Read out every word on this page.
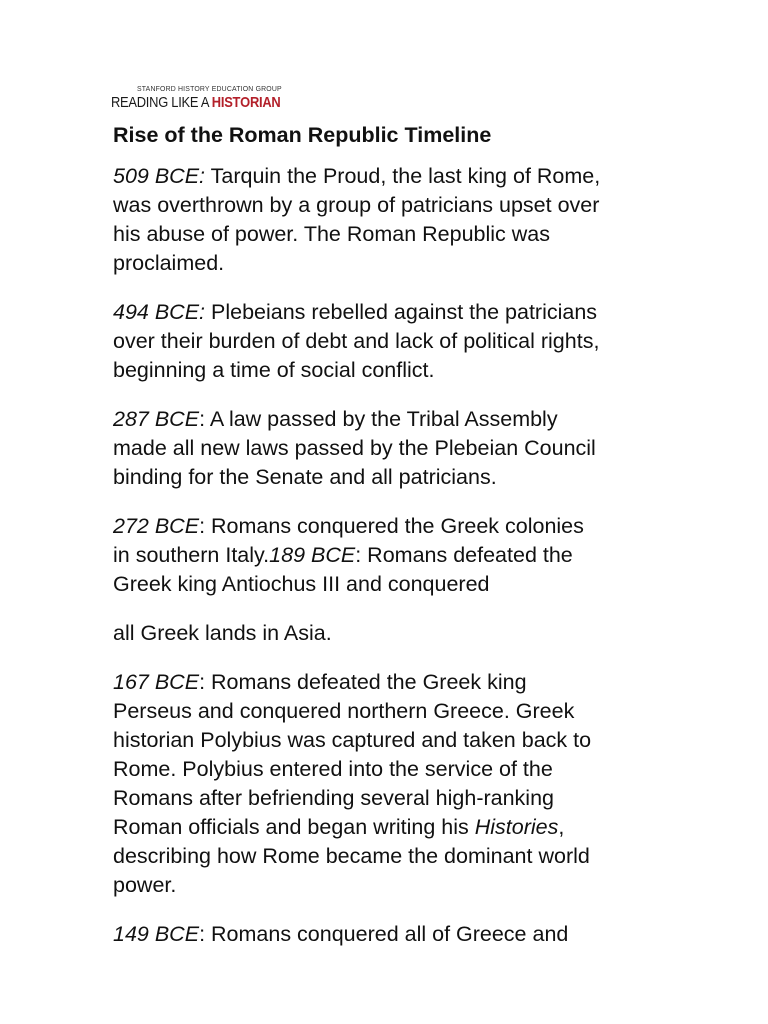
STANFORD HISTORY EDUCATION GROUP
READING LIKE A HISTORIAN
Rise of the Roman Republic Timeline

509 BCE: Tarquin the Proud, the last king of Rome,
was overthrown by a group of patricians upset over
his abuse of power. The Roman Republic was
proclaimed.

494 BCE: Plebeians rebelled against the patricians
over their burden of debt and lack of political rights,
beginning a time of social conflict.

287 BCE: A law passed by the Tribal Assembly
made all new laws passed by the Plebeian Council
binding for the Senate and all patricians.

272 BCE: Romans conquered the Greek colonies
in southern Italy.189 BCE: Romans defeated the
Greek king Antiochus III and conquered

all Greek lands in Asia.

167 BCE: Romans defeated the Greek king
Perseus and conquered northern Greece. Greek
historian Polybius was captured and taken back to
Rome. Polybius entered into the service of the
Romans after befriending several high-ranking
Roman officials and began writing his Histories,
describing how Rome became the dominant world
power.

149 BCE: Romans conquered all of Greece and
